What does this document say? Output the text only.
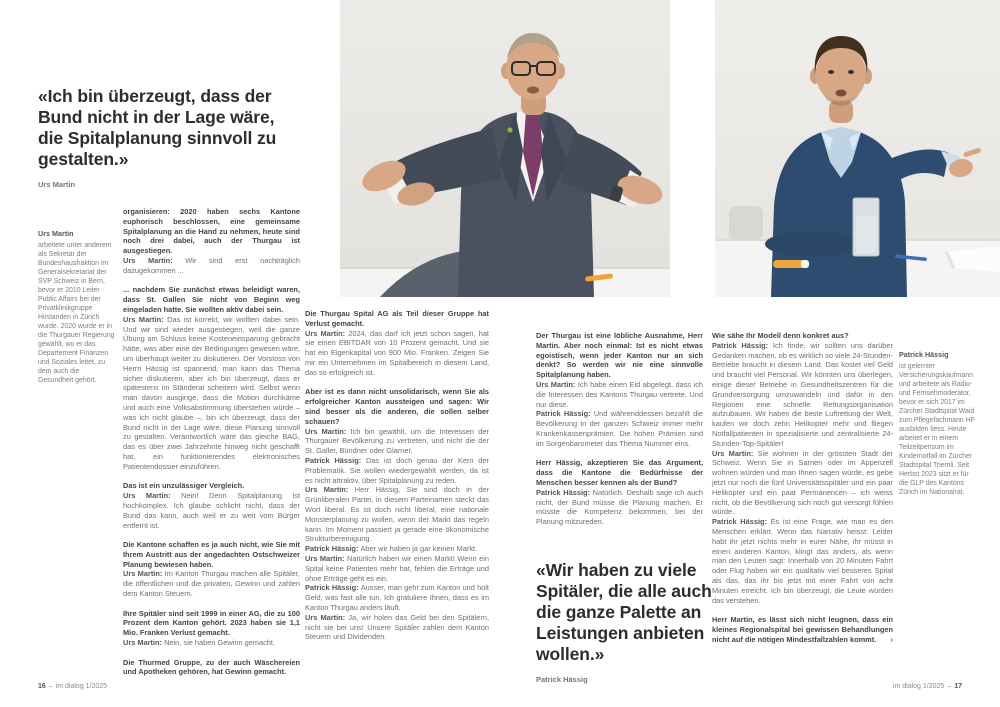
«Ich bin überzeugt, dass der Bund nicht in der Lage wäre, die Spitalplanung sinnvoll zu gestalten.»

Urs Martin

Urs Martin

arbeitete unter anderem als Sekretär der Bundeshausfraktion im Generalsekretariat der SVP Schweiz in Bern, bevor er 2010 Leiter Public Affairs bei der Privatklinikgruppe Hirslanden in Zürich wurde. 2020 wurde er in die Thurgauer Regierung gewählt, wo er das Departement Finanzen und Soziales leitet, zu dem auch die Gesundheit gehört.

organisieren: 2020 haben sechs Kantone euphorisch beschlossen, eine gemeinsame Spitalplanung an die Hand zu nehmen, heute sind noch drei dabei, auch der Thurgau ist ausgestiegen.

Urs Martin: Wir sind erst nachträglich dazugekommen ...

... nachdem Sie zunächst etwas beleidigt waren, dass St. Gallen Sie nicht von Beginn weg eingeladen hatte. Sie wollten aktiv dabei sein.

Urs Martin: Das ist korrekt, wir wollten dabei sein. Und wir sind wieder ausgestiegen, weil die ganze Übung am Schluss keine Kosteneinsparung gebracht hätte, was aber eine der Bedingungen gewesen wäre, um überhaupt weiter zu diskutieren. Der Vorstoss von Herrn Hässig ist spannend, man kann das Thema sicher diskutieren, aber ich bin überzeugt, dass er spätestens im Ständerat scheitern wird. Selbst wenn man davon ausginge, dass die Motion durchkäme und auch eine Volksabstimmung überstehen würde – was ich nicht glaube –, bin ich überzeugt, dass der Bund nicht in der Lage wäre, diese Planung sinnvoll zu gestalten. Verantwortlich wäre das gleiche BAG, das es über zwei Jahrzehnte hinweg nicht geschafft hat, ein funktionierendes elektronisches Patientendossier einzuführen.

Das ist ein unzulässiger Vergleich.

Urs Martin: Nein! Denn Spitalplanung ist hochkomplex. Ich glaube schlicht nicht, dass der Bund das kann, auch weil er zu weit vom Bürger entfernt ist.

Die Kantone schaffen es ja auch nicht, wie Sie mit Ihrem Austritt aus der angedachten Ostschweizer Planung bewiesen haben.

Urs Martin: Im Kanton Thurgau machen alle Spitäler, die öffentlichen und die privaten, Gewinn und zahlen dem Kanton Steuern.

Ihre Spitäler sind seit 1999 in einer AG, die zu 100 Prozent dem Kanton gehört. 2023 haben sie 1,1 Mio. Franken Verlust gemacht.

Urs Martin: Nein, sie haben Gewinn gemacht.

Die Thurmed Gruppe, zu der auch Wäschereien und Apotheken gehören, hat Gewinn gemacht.

Die Thurgau Spital AG als Teil dieser Gruppe hat Verlust gemacht.

Urs Martin: 2024, das darf ich jetzt schon sagen, hat sie einen EBITDAR von 10 Prozent gemacht. Und sie hat ein Eigenkapital von 900 Mio. Franken. Zeigen Sie mir ein Unternehmen im Spitalbereich in diesem Land, das so erfolgreich ist.

Aber ist es dann nicht unsolidarisch, wenn Sie als erfolgreicher Kanton aussteigen und sagen: Wir sind besser als die anderen, die sollen selber schauen?

Urs Martin: Ich bin gewählt, um die Interessen der Thurgauer Bevölkerung zu vertreten, und nicht die der St. Galler, Bündner oder Glarner.

Patrick Hässig: Das ist doch genau der Kern der Problematik. Sie wollen wiedergewählt werden, da ist es nicht attraktiv, über Spitalplanung zu reden.

Urs Martin: Herr Hässig, Sie sind doch in der Grünliberalen Partei, in diesem Parteinamen steckt das Wort liberal. Es ist doch nicht liberal, eine nationale Monsterplanung zu wollen, wenn der Markt das regeln kann. Im Moment passiert ja gerade eine ökonomische Strukturbereinigung.

Patrick Hässig: Aber wir haben ja gar keinen Markt.

Urs Martin: Natürlich haben wir einen Markt! Wenn ein Spital keine Patienten mehr hat, fehlen die Erträge und ohne Erträge geht es ein.

Patrick Hässig: Ausser, man geht zum Kanton und holt Geld, was fast alle tun. Ich gratuliere Ihnen, dass es im Kanton Thurgau anders läuft.

Urs Martin: Ja, wir holen das Geld bei den Spitälern, nicht sie bei uns! Unsere Spitäler zahlen dem Kanton Steuern und Dividenden.

16 – im dialog 1/2025

Der Thurgau ist eine löbliche Ausnahme, Herr Martin. Aber noch einmal: Ist es nicht etwas egoistisch, wenn jeder Kanton nur an sich denkt? So werden wir nie eine sinnvolle Spitalplanung haben.

Urs Martin: Ich habe einen Eid abgelegt, dass ich die Interessen des Kantons Thurgau vertrete. Und nur diese.

Patrick Hässig: Und währenddessen bezahlt die Bevölkerung in der ganzen Schweiz immer mehr Krankenkassenprämien. Die hohen Prämien sind im Sorgenbarometer das Thema Nummer eins.

Herr Hässig, akzeptieren Sie das Argument, dass die Kantone die Bedürfnisse der Menschen besser kennen als der Bund?

Patrick Hässig: Natürlich. Deshalb sage ich auch nicht, der Bund müsse die Planung machen. Er müsste die Kompetenz bekommen, bei der Planung mitzureden.

Wie sähe Ihr Modell denn konkret aus?

Patrick Hässig: Ich finde, wir sollten uns darüber Gedanken machen, ob es wirklich so viele 24-Stunden-Betriebe braucht in diesem Land. Das kostet viel Geld und braucht viel Personal. Wir könnten uns überlegen, einige dieser Betriebe in Gesundheitszentren für die Grundversorgung umzuwandeln und dafür in den Regionen eine schnelle Rettungsorganisation aufzubauen. Wir haben die beste Luftrettung der Welt, kaufen wir doch zehn Helikopter mehr und fliegen Notfallpatienten in spezialisierte und zentralisierte 24-Stunden-Top-Spitäler!

Urs Martin: Sie wohnen in der grössten Stadt der Schweiz. Wenn Sie in Sarnen oder im Appenzell wohnen würden und man Ihnen sagen würde, es gebe jetzt nur noch die fünf Universitätsspitäler und ein paar Helikopter und ein paar Permanencen – ich weiss nicht, ob die Bevölkerung sich noch gut versorgt fühlen würde.

Patrick Hässig: Es ist eine Frage, wie man es den Menschen erklärt. Wenn das Narrativ heisst: Leider habt ihr jetzt nichts mehr in eurer Nähe, ihr müsst in einen anderen Kanton, klingt das anders, als wenn man den Leuten sagt: Innerhalb von 20 Minuten Fahrt oder Flug haben wir ein qualitativ viel besseres Spital als das, das ihr bis jetzt mit einer Fahrt von acht Minuten erreicht. Ich bin überzeugt, die Leute würden das verstehen.

Herr Martin, es lässt sich nicht leugnen, dass ein kleines Regionalspital bei gewissen Behandlungen nicht auf die nötigen Mindestfallzahlen kommt. ›

«Wir haben zu viele Spitäler, die alle auch die ganze Palette an Leistungen anbieten wollen.»

Patrick Hässig

Patrick Hässig

ist gelernter Versicherungskaufmann und arbeitete als Radio- und Fernsehmoderator, bevor er sich 2017 im Zürcher Stadtspital Waid zum Pflegefachmann HF ausbilden liess. Heute arbeitet er in einem Teilzeitpensum im Kindernotfall im Zürcher Stadtspital Triemli. Seit Herbst 2023 sitzt er für die GLP des Kantons Zürich im Nationalrat.

im dialog 1/2025 – 17
